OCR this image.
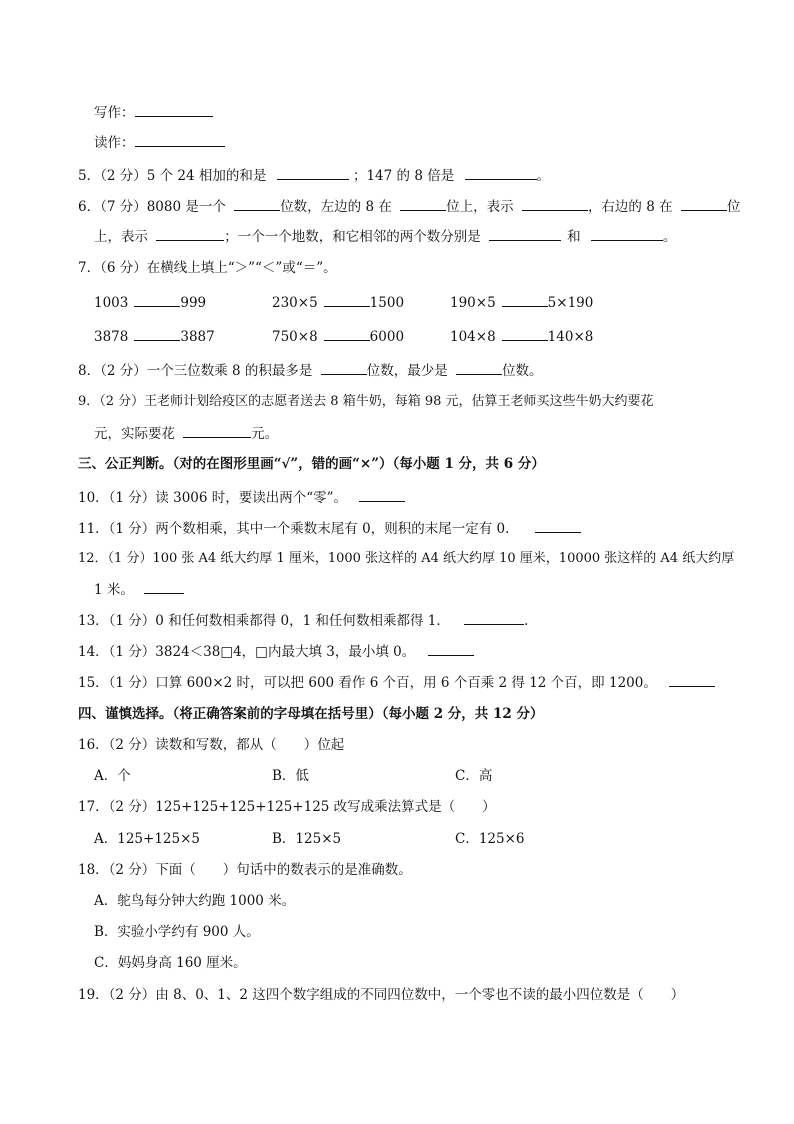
写作：
读作：
5．（2 分）5 个 24 相加的和是	；147 的 8 倍是	。
6．（7 分）8080 是一个	位数，左边的 8 在	位上，表示	，右边的 8 在	位
上，表示	；一个一个地数，和它相邻的两个数分别是	和	。
7．（6 分）在横线上填上“＞”“＜”或“＝”。
1003	999	230×5	1500	190×5	5×190
3878	3887	750×8	6000	104×8	140×8
8．（2 分）一个三位数乘 8 的积最多是	位数，最少是	位数。
9．（2 分）王老师计划给疫区的志愿者送去 8 箱牛奶，每箱 98 元，估算王老师买这些牛奶大约要花
元，实际要花	元。
三、公正判断。（对的在图形里画“√”，错的画“×”）（每小题 1 分，共 6 分）
10．（1 分）读 3006 时，要读出两个“零”。
11．（1 分）两个数相乘，其中一个乘数末尾有 0，则积的末尾一定有 0．
12．（1 分）100 张 A4 纸大约厚 1 厘米，1000 张这样的 A4 纸大约厚 10 厘米，10000 张这样的 A4 纸大约厚
1 米。
13．（1 分）0 和任何数相乘都得 0，1 和任何数相乘都得 1．	.
14．（1 分）3824＜38□4，□内最大填 3，最小填 0。
15．（1 分）口算 600×2 时，可以把 600 看作 6 个百，用 6 个百乘 2 得 12 个百，即 1200。
四、谨慎选择。（将正确答案前的字母填在括号里）（每小题 2 分，共 12 分）
16．（2 分）读数和写数，都从（　　）位起
A．个	B．低	C．高
17．（2 分）125+125+125+125+125 改写成乘法算式是（　　）
A．125+125×5	B．125×5	C．125×6
18．（2 分）下面（　　）句话中的数表示的是准确数。
A．鸵鸟每分钟大约跑 1000 米。
B．实验小学约有 900 人。
C．妈妈身高 160 厘米。
19．（2 分）由 8、0、1、2 这四个数字组成的不同四位数中，一个零也不读的最小四位数是（　　）
